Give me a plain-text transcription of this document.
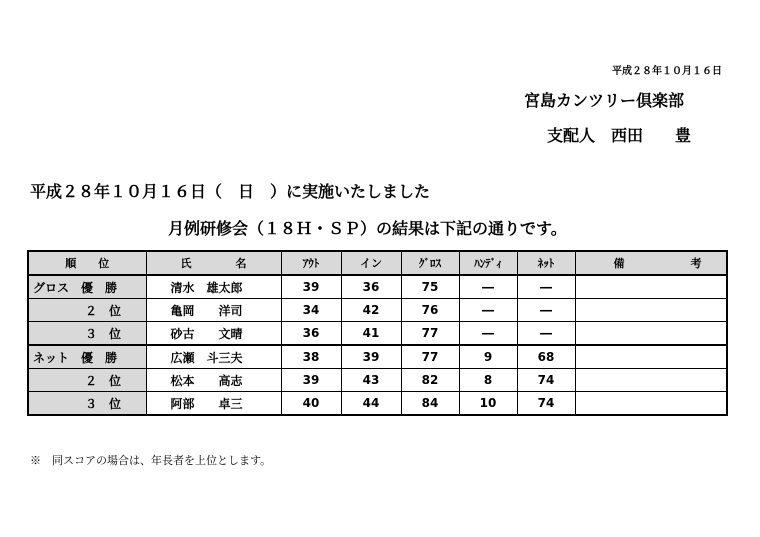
平成２８年１０月１６日
宮島カンツリー倶楽部
支配人　西田　　豊
平成２８年１０月１６日（　日　）に実施いたしました
月例研修会（１８Ｈ・ＳＰ）の結果は下記の通りです。
順　　位	氏　　　　名	ｱｳﾄ	イン	ｸﾞﾛｽ	ﾊﾝﾃﾞｨ	ﾈｯﾄ	備　　　　　　考
グロス　 優　勝	清水　雄太郎	39	36	75	―	―	
２　位	亀岡　　洋司	34	42	76	―	―	
３　位	砂古　　文晴	36	41	77	―	―	
ネット　 優　勝	広瀬　斗三夫	38	39	77	9	68	
２　位	松本　　高志	39	43	82	8	74	
３　位	阿部　　卓三	40	44	84	10	74	
※　同スコアの場合は、年長者を上位とします。
